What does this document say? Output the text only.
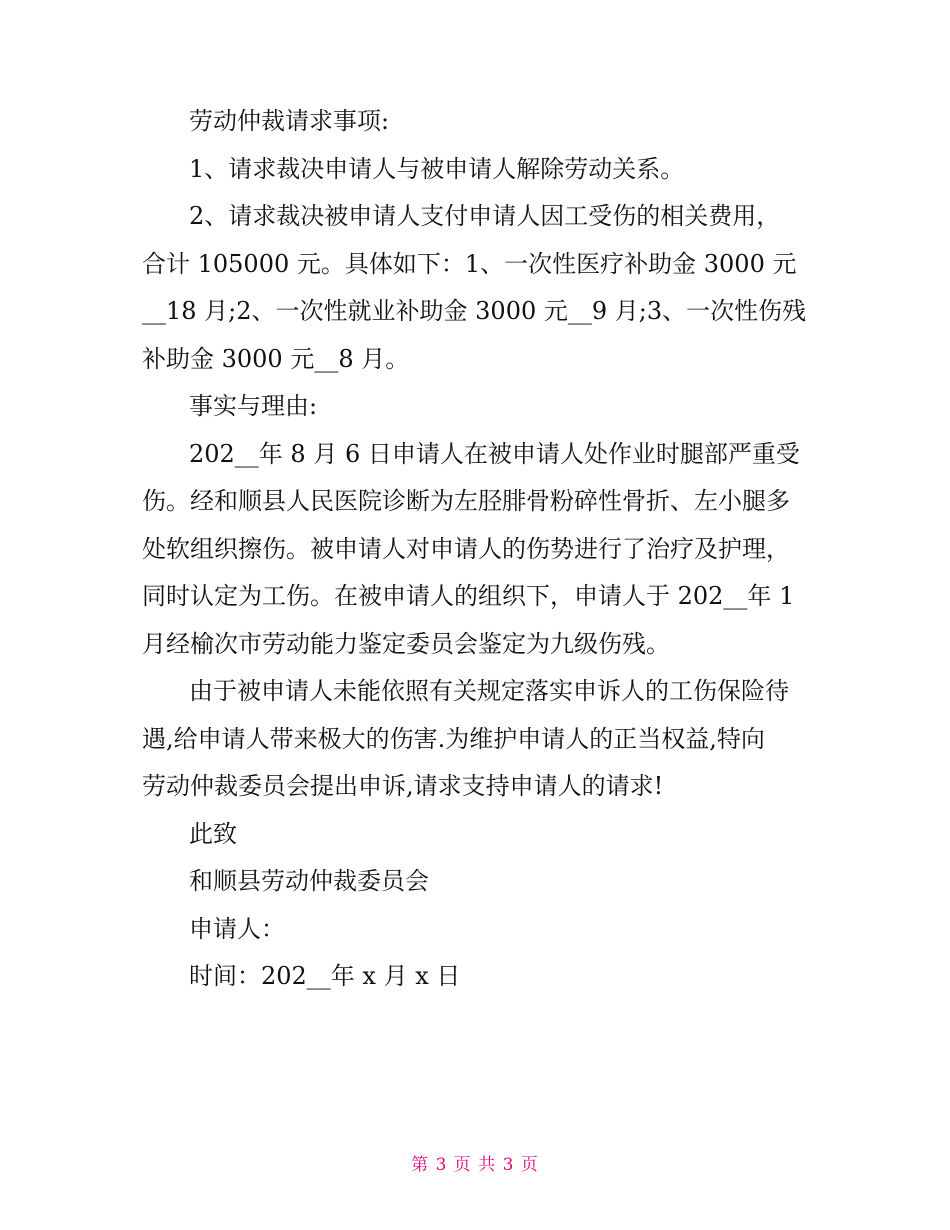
劳动仲裁请求事项:
1、请求裁决申请人与被申请人解除劳动关系。
2、请求裁决被申请人支付申请人因工受伤的相关费用，
合计 105000 元。具体如下：1、一次性医疗补助金 3000 元
__18 月;2、一次性就业补助金 3000 元__9 月;3、一次性伤残
补助金 3000 元__8 月。
事实与理由:
202__年 8 月 6 日申请人在被申请人处作业时腿部严重受
伤。经和顺县人民医院诊断为左胫腓骨粉碎性骨折、左小腿多
处软组织擦伤。被申请人对申请人的伤势进行了治疗及护理，
同时认定为工伤。在被申请人的组织下，申请人于 202__年 1
月经榆次市劳动能力鉴定委员会鉴定为九级伤残。
由于被申请人未能依照有关规定落实申诉人的工伤保险待
遇,给申请人带来极大的伤害.为维护申请人的正当权益,特向
劳动仲裁委员会提出申诉,请求支持申请人的请求!
此致
和顺县劳动仲裁委员会
申请人：
时间：202__年 x 月 x 日
第 3 页 共 3 页
